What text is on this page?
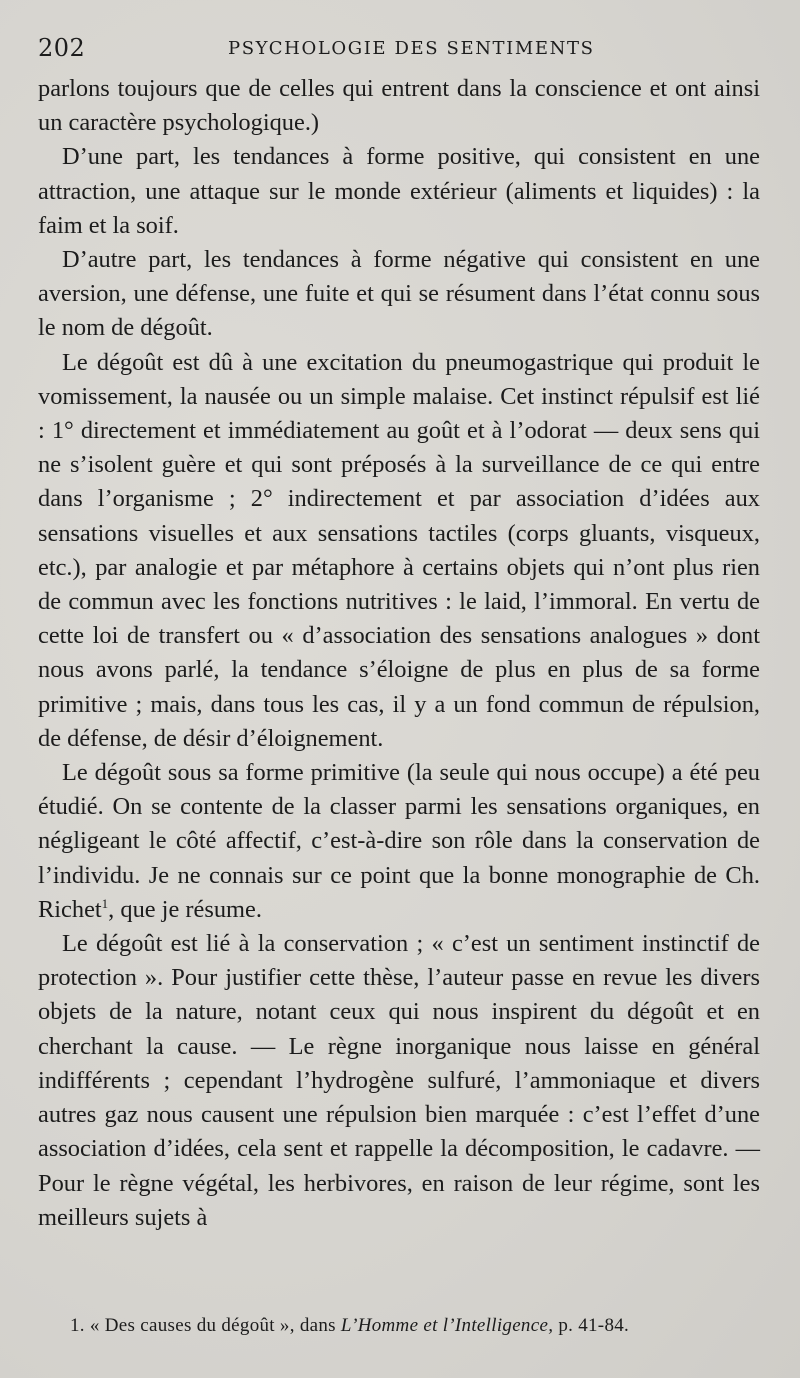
202	PSYCHOLOGIE DES SENTIMENTS

parlons toujours que de celles qui entrent dans la conscience et ont ainsi un caractère psychologique.)

D’une part, les tendances à forme positive, qui consistent en une attraction, une attaque sur le monde extérieur (aliments et liquides) : la faim et la soif.

D’autre part, les tendances à forme négative qui consistent en une aversion, une défense, une fuite et qui se résument dans l’état connu sous le nom de dégoût.

Le dégoût est dû à une excitation du pneumogastrique qui produit le vomissement, la nausée ou un simple malaise. Cet instinct répulsif est lié : 1° directement et immédiatement au goût et à l’odorat — deux sens qui ne s’isolent guère et qui sont préposés à la surveillance de ce qui entre dans l’organisme ; 2° indirectement et par association d’idées aux sensations visuelles et aux sensations tactiles (corps gluants, visqueux, etc.), par analogie et par métaphore à certains objets qui n’ont plus rien de commun avec les fonctions nutritives : le laid, l’immoral. En vertu de cette loi de transfert ou « d’association des sensations analogues » dont nous avons parlé, la tendance s’éloigne de plus en plus de sa forme primitive ; mais, dans tous les cas, il y a un fond commun de répulsion, de défense, de désir d’éloignement.

Le dégoût sous sa forme primitive (la seule qui nous occupe) a été peu étudié. On se contente de la classer parmi les sensations organiques, en négligeant le côté affectif, c’est-à-dire son rôle dans la conservation de l’individu. Je ne connais sur ce point que la bonne monographie de Ch. Richet$^1$, que je résume.

Le dégoût est lié à la conservation ; « c’est un sentiment instinctif de protection ». Pour justifier cette thèse, l’auteur passe en revue les divers objets de la nature, notant ceux qui nous inspirent du dégoût et en cherchant la cause. — Le règne inorganique nous laisse en général indifférents ; cependant l’hydrogène sulfuré, l’ammoniaque et divers autres gaz nous causent une répulsion bien marquée : c’est l’effet d’une association d’idées, cela sent et rappelle la décomposition, le cadavre. — Pour le règne végétal, les herbivores, en raison de leur régime, sont les meilleurs sujets à

1. « Des causes du dégoût », dans L’Homme et l’Intelligence, p. 41-84.
